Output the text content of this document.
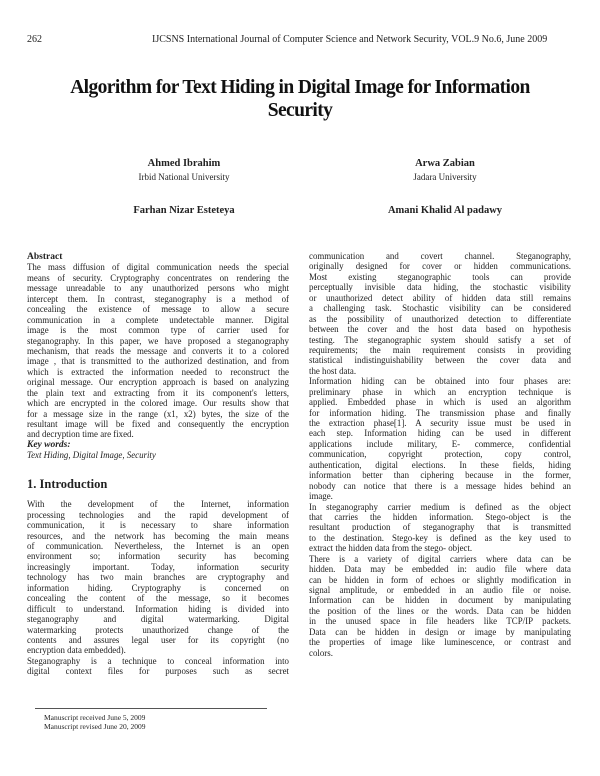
262	IJCSNS International Journal of Computer Science and Network Security, VOL.9 No.6, June 2009
Algorithm for Text Hiding in Digital Image for Information Security
Ahmed Ibrahim
Irbid National University
Arwa Zabian
Jadara University
Farhan Nizar Esteteya	Amani Khalid Al padawy
Abstract
The mass diffusion of digital communication needs the special
means of security. Cryptography concentrates on rendering the
message unreadable to any unauthorized persons who might
intercept them. In contrast, steganography is a method of
concealing the existence of message to allow a secure
communication in a complete undetectable manner. Digital
image is the most common type of carrier used for
steganography. In this paper, we have proposed a steganography
mechanism, that reads the message and converts it to a colored
image , that is transmitted to the authorized destination, and from
which is extracted the information needed to reconstruct the
original message. Our encryption approach is based on analyzing
the plain text and extracting from it its component's letters,
which are encrypted in the colored image. Our results show that
for a message size in the range (x1, x2) bytes, the size of the
resultant image will be fixed and consequently the encryption
and decryption time are fixed.
Key words:
Text Hiding, Digital Image, Security
1. Introduction
With the development of the Internet, information
processing technologies and the rapid development of
communication, it is necessary to share information
resources, and the network has becoming the main means
of communication. Nevertheless, the Internet is an open
environment so; information security has becoming
increasingly important. Today, information security
technology has two main branches are cryptography and
information hiding. Cryptography is concerned on
concealing the content of the message, so it becomes
difficult to understand. Information hiding is divided into
steganography and digital watermarking. Digital
watermarking protects unauthorized change of the
contents and assures legal user for its copyright (no
encryption data embedded).
Steganography is a technique to conceal information into
digital context files for purposes such as secret
communication and covert channel. Steganography,
originally designed for cover or hidden communications.
Most existing steganographic tools can provide
perceptually invisible data hiding, the stochastic visibility
or unauthorized detect ability of hidden data still remains
a challenging task. Stochastic visibility can be considered
as the possibility of unauthorized detection to differentiate
between the cover and the host data based on hypothesis
testing. The steganographic system should satisfy a set of
requirements; the main requirement consists in providing
statistical indistinguishability between the cover data and
the host data.
Information hiding can be obtained into four phases are:
preliminary phase in which an encryption technique is
applied. Embedded phase in which is used an algorithm
for information hiding. The transmission phase and finally
the extraction phase[1]. A security issue must be used in
each step. Information hiding can be used in different
applications include military, E- commerce, confidential
communication, copyright protection, copy control,
authentication, digital elections. In these fields, hiding
information better than ciphering because in the former,
nobody can notice that there is a message hides behind an
image.
In steganography carrier medium is defined as the object
that carries the hidden information. Stego-object is the
resultant production of steganography that is transmitted
to the destination. Stego-key is defined as the key used to
extract the hidden data from the stego- object.
There is a variety of digital carriers where data can be
hidden. Data may be embedded in: audio file where data
can be hidden in form of echoes or slightly modification in
signal amplitude, or embedded in an audio file or noise.
Information can be hidden in document by manipulating
the position of the lines or the words. Data can be hidden
in the unused space in file headers like TCP/IP packets.
Data can be hidden in design or image by manipulating
the properties of image like luminescence, or contrast and
colors.
Manuscript received June 5, 2009
Manuscript revised June 20, 2009
